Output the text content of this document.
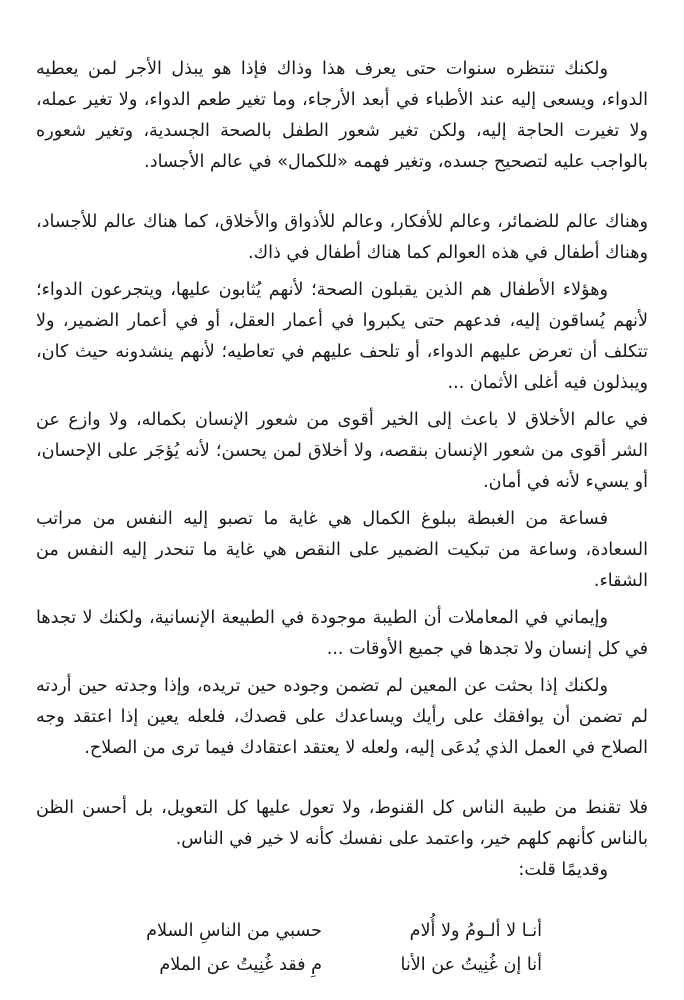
ولكنك تنتظره سنوات حتى يعرف هذا وذاك فإذا هو يبذل الأجر لمن يعطيه الدواء، ويسعى إليه عند الأطباء في أبعد الأرجاء، وما تغير طعم الدواء، ولا تغير عمله، ولا تغيرت الحاجة إليه، ولكن تغير شعور الطفل بالصحة الجسدية، وتغير شعوره بالواجب عليه لتصحيح جسده، وتغير فهمه «للكمال» في عالم الأجساد.

وهناك عالم للضمائر، وعالم للأفكار، وعالم للأذواق والأخلاق، كما هناك عالم للأجساد، وهناك أطفال في هذه العوالم كما هناك أطفال في ذاك.

وهؤلاء الأطفال هم الذين يقبلون الصحة؛ لأنهم يُثابون عليها، ويتجرعون الدواء؛ لأنهم يُساقون إليه، فدعهم حتى يكبروا في أعمار العقل، أو في أعمار الضمير، ولا تتكلف أن تعرض عليهم الدواء، أو تلحف عليهم في تعاطيه؛ لأنهم ينشدونه حيث كان، ويبذلون فيه أغلى الأثمان ...

في عالم الأخلاق لا باعث إلى الخير أقوى من شعور الإنسان بكماله، ولا وازع عن الشر أقوى من شعور الإنسان بنقصه، ولا أخلاق لمن يحسن؛ لأنه يُؤجَر على الإحسان، أو يسيء لأنه في أمان.

فساعة من الغبطة ببلوغ الكمال هي غاية ما تصبو إليه النفس من مراتب السعادة، وساعة من تبكيت الضمير على النقص هي غاية ما تنحدر إليه النفس من الشقاء.

وإيماني في المعاملات أن الطيبة موجودة في الطبيعة الإنسانية، ولكنك لا تجدها في كل إنسان ولا تجدها في جميع الأوقات ...

ولكنك إذا بحثت عن المعين لم تضمن وجوده حين تريده، وإذا وجدته حين أردته لم تضمن أن يوافقك على رأيك ويساعدك على قصدك، فلعله يعين إذا اعتقد وجه الصلاح في العمل الذي يُدعَى إليه، ولعله لا يعتقد اعتقادك فيما ترى من الصلاح.

فلا تقنط من طيبة الناس كل القنوط، ولا تعول عليها كل التعويل، بل أحسن الظن بالناس كأنهم كلهم خير، واعتمد على نفسك كأنه لا خير في الناس.

وقديمًا قلت:

أنـا لا ألـومُ ولا أُلام
حسبي من الناسِ السلام
أنا إن غُنِيتُ عن الأنا
مِ فقد غُنِيتُ عن الملام
